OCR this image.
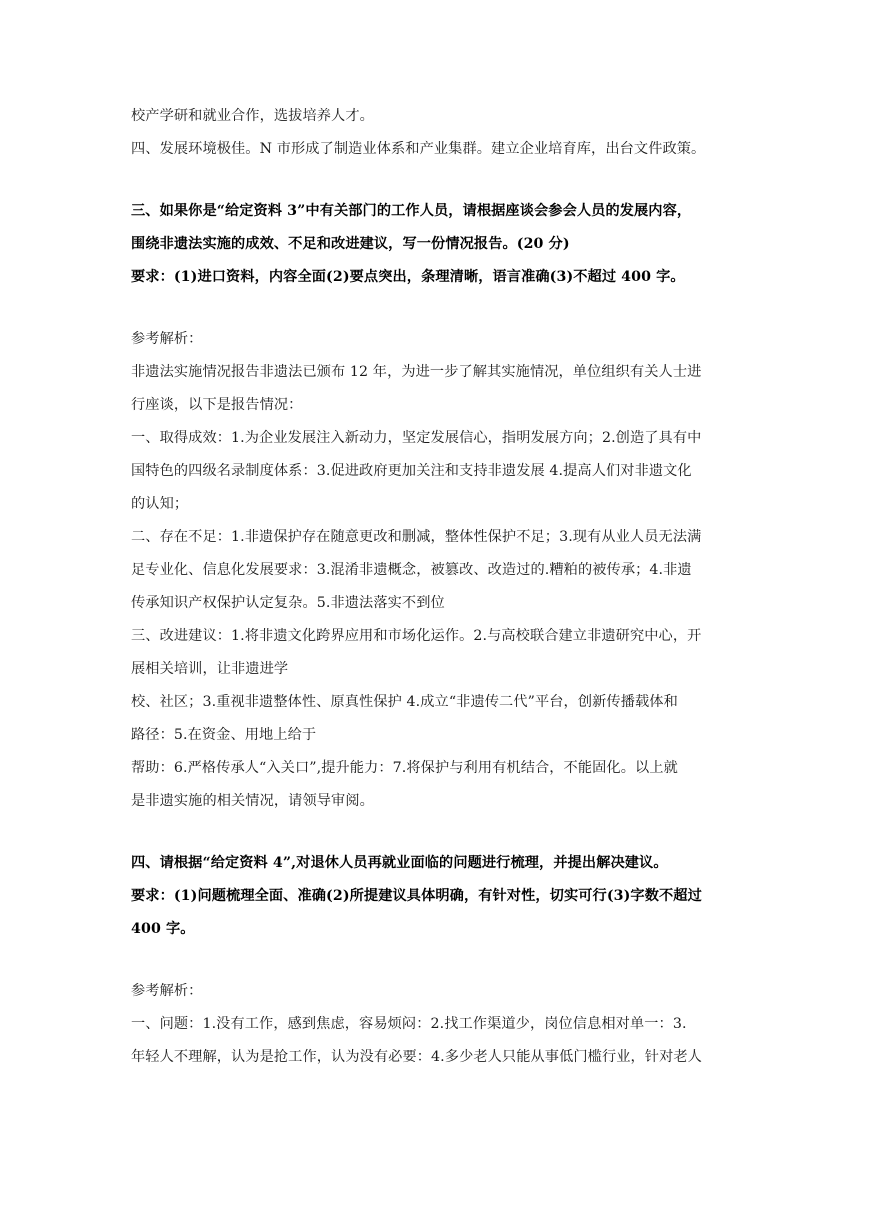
校产学研和就业合作，选拔培养人才。
四、发展环境极佳。N 市形成了制造业体系和产业集群。建立企业培育库，出台文件政策。
三、如果你是“给定资料 3”中有关部门的工作人员，请根据座谈会参会人员的发展内容，
围绕非遗法实施的成效、不足和改进建议，写一份情况报告。(20 分)
要求：(1)进口资料，内容全面(2)要点突出，条理清晰，语言准确(3)不超过 400 字。
参考解析：
非遗法实施情况报告非遗法已颁布 12 年，为进一步了解其实施情况，单位组织有关人士进
行座谈，以下是报告情况：
一、取得成效：1.为企业发展注入新动力，坚定发展信心，指明发展方向；2.创造了具有中
国特色的四级名录制度体系：3.促进政府更加关注和支持非遗发展 4.提高人们对非遗文化
的认知；
二、存在不足：1.非遗保护存在随意更改和删减，整体性保护不足；3.现有从业人员无法满
足专业化、信息化发展要求：3.混淆非遗概念，被篡改、改造过的.糟粕的被传承；4.非遗
传承知识产权保护认定复杂。5.非遗法落实不到位
三、改进建议：1.将非遗文化跨界应用和市场化运作。2.与高校联合建立非遗研究中心，开
展相关培训，让非遗进学
校、社区；3.重视非遗整体性、原真性保护 4.成立“非遗传二代”平台，创新传播载体和
路径：5.在资金、用地上给于
帮助：6.严格传承人“入关口”,提升能力：7.将保护与利用有机结合，不能固化。以上就
是非遗实施的相关情况，请领导审阅。
四、请根据“给定资料 4”,对退休人员再就业面临的问题进行梳理，并提出解决建议。
要求：(1)问题梳理全面、准确(2)所提建议具体明确，有针对性，切实可行(3)字数不超过
400 字。
参考解析：
一、问题：1.没有工作，感到焦虑，容易烦闷：2.找工作渠道少，岗位信息相对单一：3.
年轻人不理解，认为是抢工作，认为没有必要：4.多少老人只能从事低门槛行业，针对老人
